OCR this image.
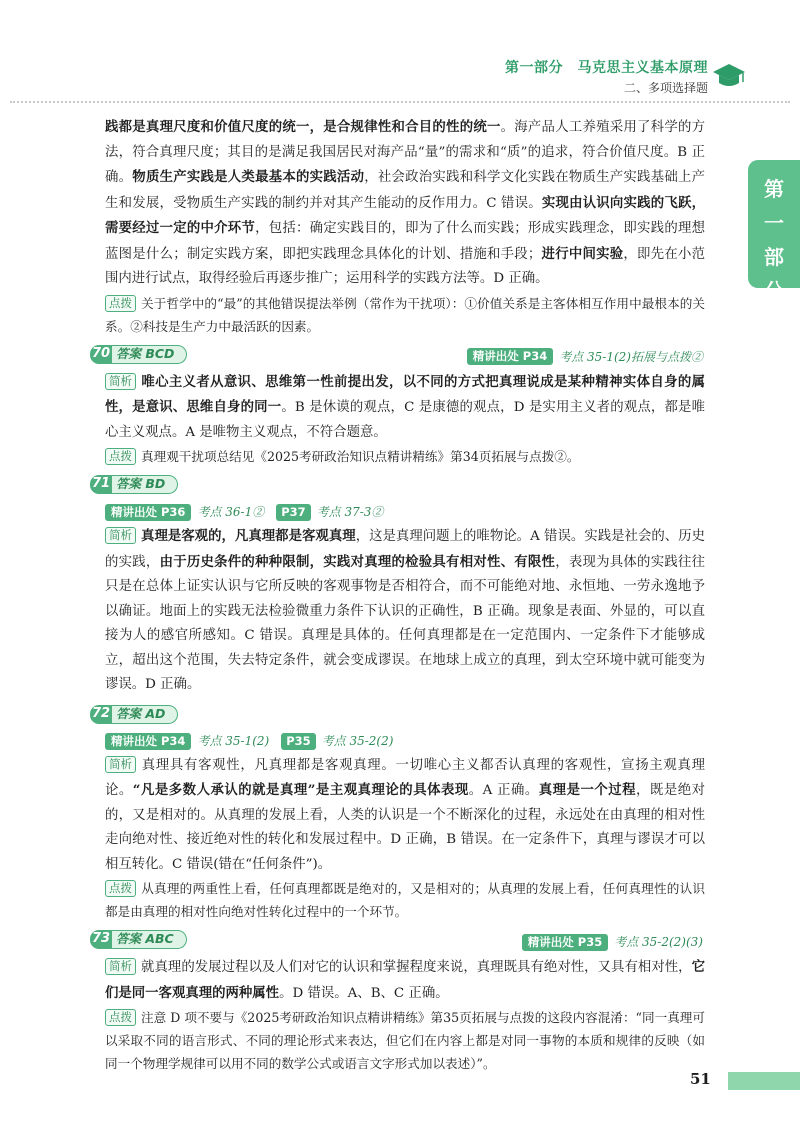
第一部分　马克思主义基本原理
二、多项选择题
第一部分

践都是真理尺度和价值尺度的统一，是合规律性和合目的性的统一。海产品人工养殖采用了科学的方法，符合真理尺度；其目的是满足我国居民对海产品“量”的需求和“质”的追求，符合价值尺度。B 正确。物质生产实践是人类最基本的实践活动，社会政治实践和科学文化实践在物质生产实践基础上产生和发展，受物质生产实践的制约并对其产生能动的反作用力。C 错误。实现由认识向实践的飞跃，需要经过一定的中介环节，包括：确定实践目的，即为了什么而实践；形成实践理念，即实践的理想蓝图是什么；制定实践方案，即把实践理念具体化的计划、措施和手段；进行中间实验，即先在小范围内进行试点，取得经验后再逐步推广；运用科学的实践方法等。D 正确。

点拨 关于哲学中的“最”的其他错误提法举例（常作为干扰项）：①价值关系是主客体相互作用中最根本的关系。②科技是生产力中最活跃的因素。

70 答案 BCD	精讲出处 P34	考点 35-1(2)拓展与点拨②

简析 唯心主义者从意识、思维第一性前提出发，以不同的方式把真理说成是某种精神实体自身的属性，是意识、思维自身的同一。B 是休谟的观点，C 是康德的观点，D 是实用主义者的观点，都是唯心主义观点。A 是唯物主义观点，不符合题意。

点拨 真理观干扰项总结见《2025考研政治知识点精讲精练》第34页拓展与点拨②。

71 答案 BD
精讲出处 P36	考点 36-1②	P37 考点 37-3②

简析 真理是客观的，凡真理都是客观真理，这是真理问题上的唯物论。A 错误。实践是社会的、历史的实践，由于历史条件的种种限制，实践对真理的检验具有相对性、有限性，表现为具体的实践往往只是在总体上证实认识与它所反映的客观事物是否相符合，而不可能绝对地、永恒地、一劳永逸地予以确证。地面上的实践无法检验微重力条件下认识的正确性，B 正确。现象是表面、外显的，可以直接为人的感官所感知。C 错误。真理是具体的。任何真理都是在一定范围内、一定条件下才能够成立，超出这个范围，失去特定条件，就会变成谬误。在地球上成立的真理，到太空环境中就可能变为谬误。D 正确。

72 答案 AD
精讲出处 P34	考点 35-1(2)	P35 考点 35-2(2)

简析 真理具有客观性，凡真理都是客观真理。一切唯心主义都否认真理的客观性，宣扬主观真理论。“凡是多数人承认的就是真理”是主观真理论的具体表现。A 正确。真理是一个过程，既是绝对的，又是相对的。从真理的发展上看，人类的认识是一个不断深化的过程，永远处在由真理的相对性走向绝对性、接近绝对性的转化和发展过程中。D 正确，B 错误。在一定条件下，真理与谬误才可以相互转化。C 错误(错在“任何条件”)。

点拨 从真理的两重性上看，任何真理都既是绝对的，又是相对的；从真理的发展上看，任何真理性的认识都是由真理的相对性向绝对性转化过程中的一个环节。

73 答案 ABC	精讲出处 P35	考点 35-2(2)(3)

简析 就真理的发展过程以及人们对它的认识和掌握程度来说，真理既具有绝对性，又具有相对性，它们是同一客观真理的两种属性。D 错误。A、B、C 正确。

点拨 注意 D 项不要与《2025考研政治知识点精讲精练》第35页拓展与点拨的这段内容混淆：“同一真理可以采取不同的语言形式、不同的理论形式来表达，但它们在内容上都是对同一事物的本质和规律的反映（如同一个物理学规律可以用不同的数学公式或语言文字形式加以表述）”。

51
